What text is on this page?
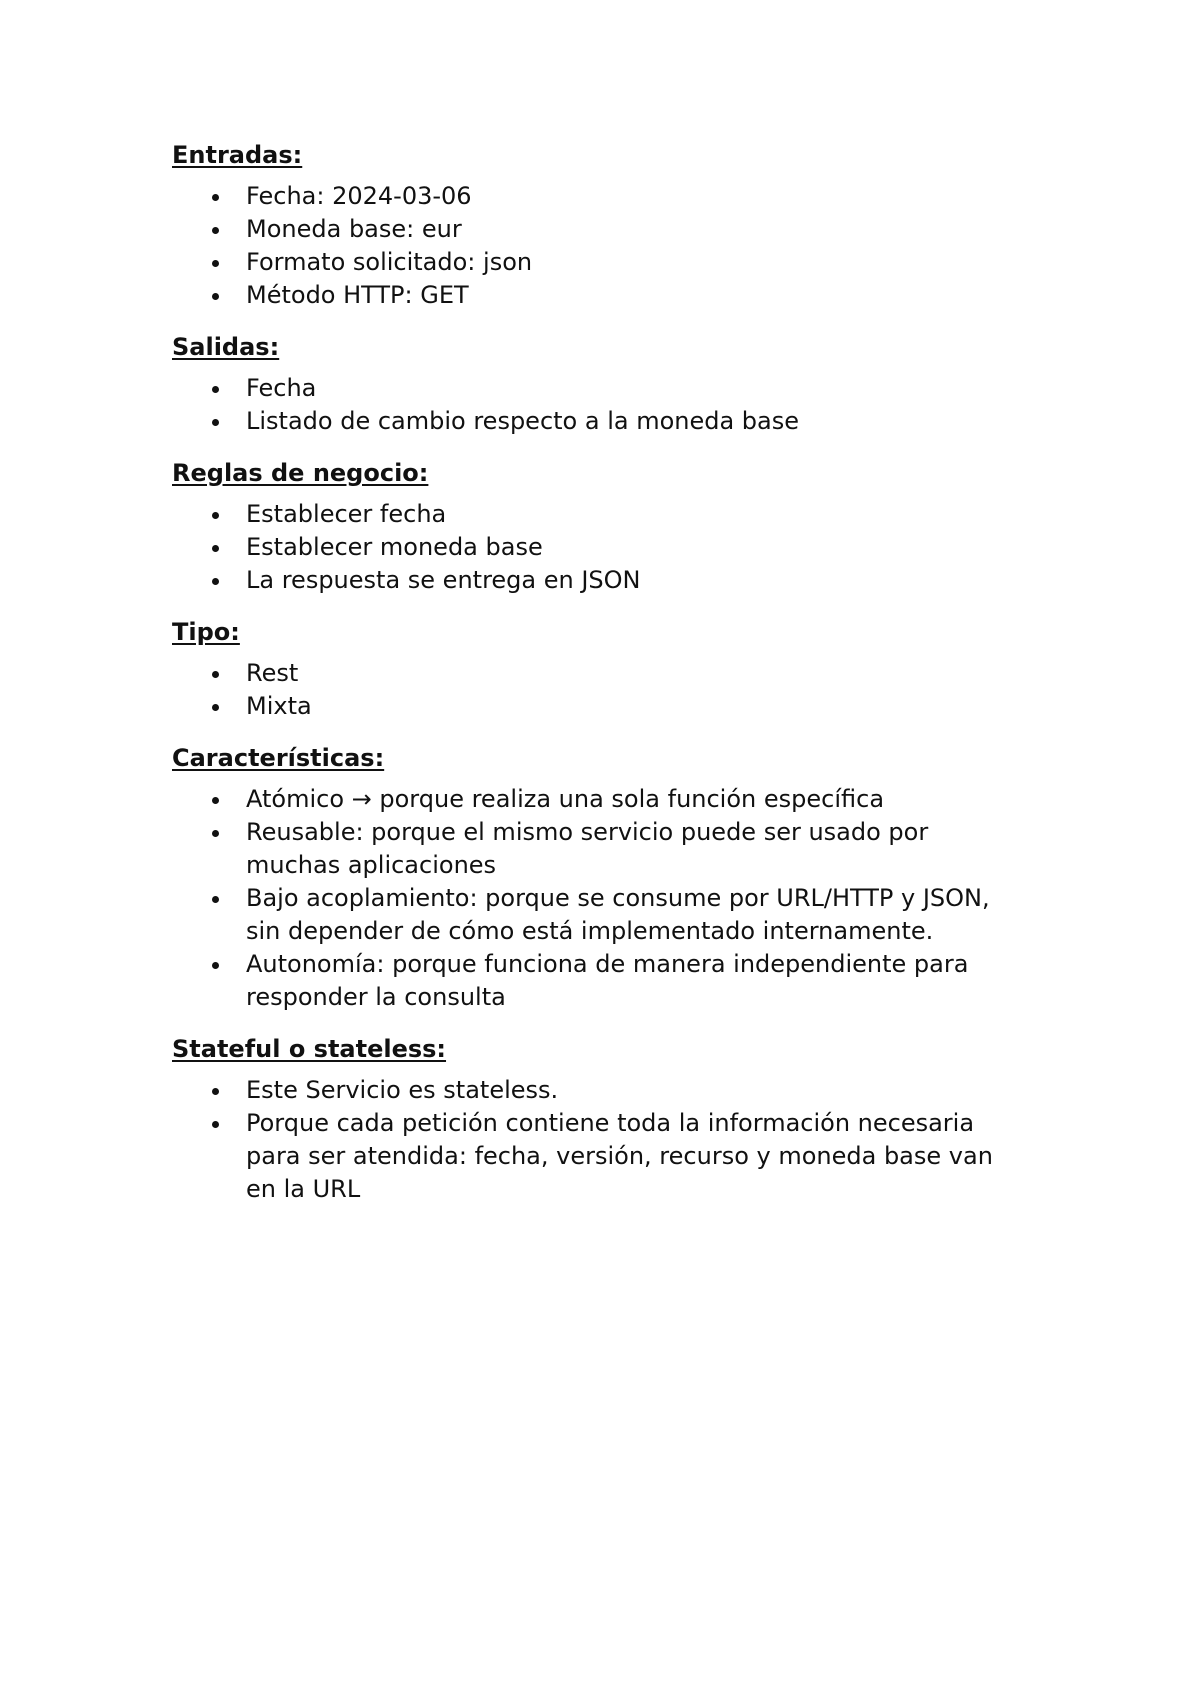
Entradas:
Fecha: 2024-03-06
Moneda base: eur
Formato solicitado: json
Método HTTP: GET
Salidas:
Fecha
Listado de cambio respecto a la moneda base
Reglas de negocio:
Establecer fecha
Establecer moneda base
La respuesta se entrega en JSON
Tipo:
Rest
Mixta
Características:
Atómico → porque realiza una sola función específica
Reusable: porque el mismo servicio puede ser usado por muchas aplicaciones
Bajo acoplamiento: porque se consume por URL/HTTP y JSON, sin depender de cómo está implementado internamente.
Autonomía: porque funciona de manera independiente para responder la consulta
Stateful o stateless:
Este Servicio es stateless.
Porque cada petición contiene toda la información necesaria para ser atendida: fecha, versión, recurso y moneda base van en la URL
